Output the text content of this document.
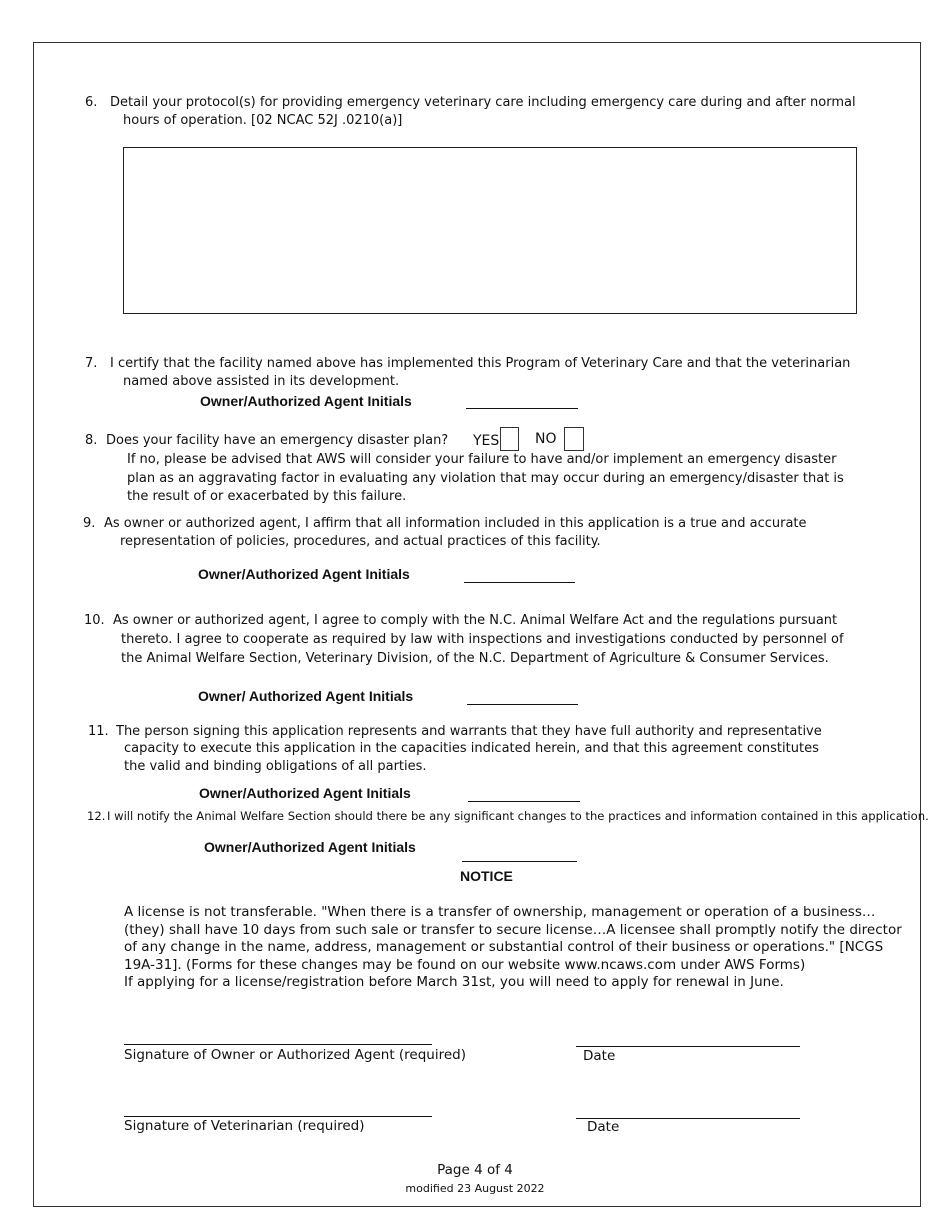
6. Detail your protocol(s) for providing emergency veterinary care including emergency care during and after normal
hours of operation. [02 NCAC 52J .0210(a)]
7. I certify that the facility named above has implemented this Program of Veterinary Care and that the veterinarian
named above assisted in its development.
Owner/Authorized Agent Initials
8. Does your facility have an emergency disaster plan? YES	NO
If no, please be advised that AWS will consider your failure to have and/or implement an emergency disaster
plan as an aggravating factor in evaluating any violation that may occur during an emergency/disaster that is
the result of or exacerbated by this failure.
9. As owner or authorized agent, I affirm that all information included in this application is a true and accurate
representation of policies, procedures, and actual practices of this facility.
Owner/Authorized Agent Initials
10. As owner or authorized agent, I agree to comply with the N.C. Animal Welfare Act and the regulations pursuant
thereto. I agree to cooperate as required by law with inspections and investigations conducted by personnel of
the Animal Welfare Section, Veterinary Division, of the N.C. Department of Agriculture & Consumer Services.
Owner/ Authorized Agent Initials
11. The person signing this application represents and warrants that they have full authority and representative
capacity to execute this application in the capacities indicated herein, and that this agreement constitutes
the valid and binding obligations of all parties.
Owner/Authorized Agent Initials
12. I will notify the Animal Welfare Section should there be any significant changes to the practices and information contained in this application.
Owner/Authorized Agent Initials
NOTICE
A license is not transferable. "When there is a transfer of ownership, management or operation of a business…
(they) shall have 10 days from such sale or transfer to secure license…A licensee shall promptly notify the director
of any change in the name, address, management or substantial control of their business or operations." [NCGS
19A-31]. (Forms for these changes may be found on our website www.ncaws.com under AWS Forms)
If applying for a license/registration before March 31st, you will need to apply for renewal in June.
Signature of Owner or Authorized Agent (required)	Date
Signature of Veterinarian (required)	Date
Page 4 of 4
modified 23 August 2022
